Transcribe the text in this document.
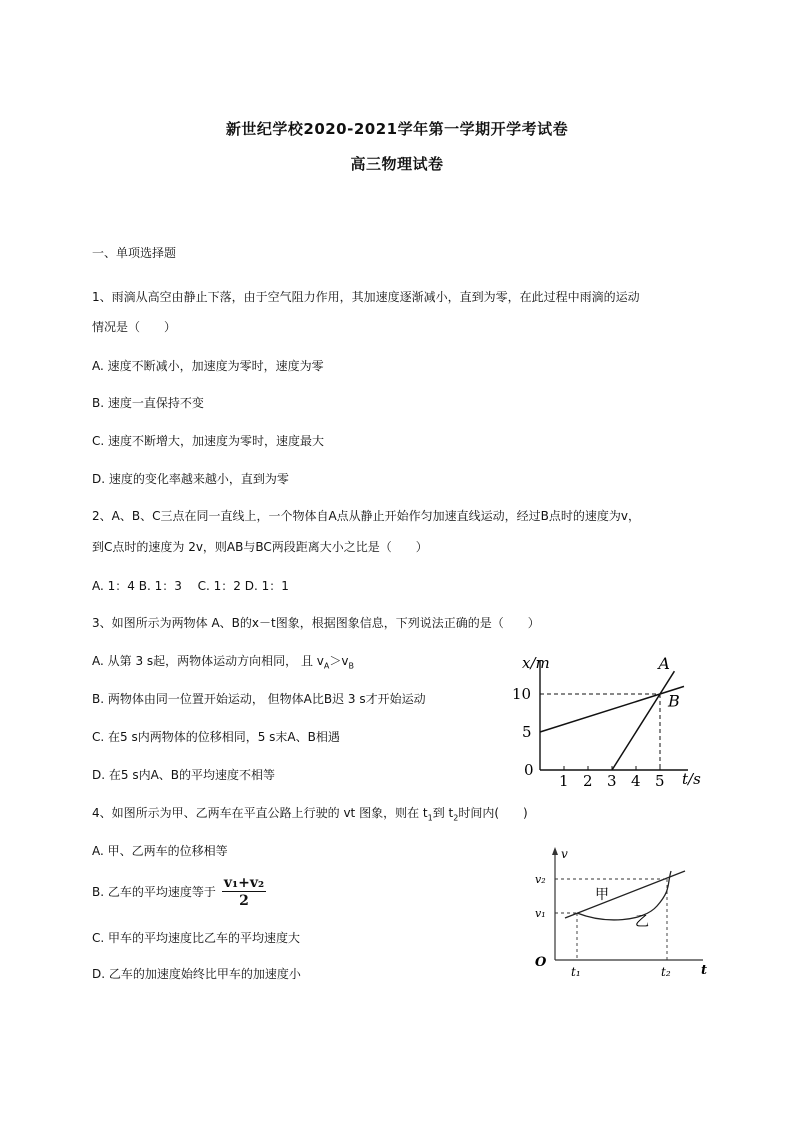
新世纪学校2020-2021学年第一学期开学考试卷
高三物理试卷
一、单项选择题
1、雨滴从高空由静止下落，由于空气阻力作用，其加速度逐渐减小，直到为零，在此过程中雨滴的运动
情况是（　　）
A. 速度不断减小，加速度为零时，速度为零
B. 速度一直保持不变
C. 速度不断增大，加速度为零时，速度最大
D. 速度的变化率越来越小，直到为零
2、A、B、C三点在同一直线上，一个物体自A点从静止开始作匀加速直线运动，经过B点时的速度为v，
到C点时的速度为 2v，则AB与BC两段距离大小之比是（　　）
A. 1：4 B. 1：3　 C. 1：2 D. 1：1
3、如图所示为两物体 A、B的x－t图象，根据图象信息，下列说法正确的是（　　）
A. 从第 3 s起，两物体运动方向相同， 且 $v_A>v_B$
B. 两物体由同一位置开始运动， 但物体A比B迟 3 s才开始运动
C. 在5 s内两物体的位移相同，5 s末A、B相遇
D. 在5 s内A、B的平均速度不相等	1 2 3 4 5
5
10
0
x/m
t/s
A
B
4、如图所示为甲、乙两车在平直公路上行驶的 vt 图象，则在 $t_1$到 $t_2$时间内(　　)
A. 甲、乙两车的位移相等
B. 乙车的平均速度等于 $\frac{\text{v₁+v₂}}{2}$
C. 甲车的平均速度比乙车的平均速度大
D. 乙车的加速度始终比甲车的加速度小
O
v
t
t₁	t₂
v₁
v₂
甲
乙
